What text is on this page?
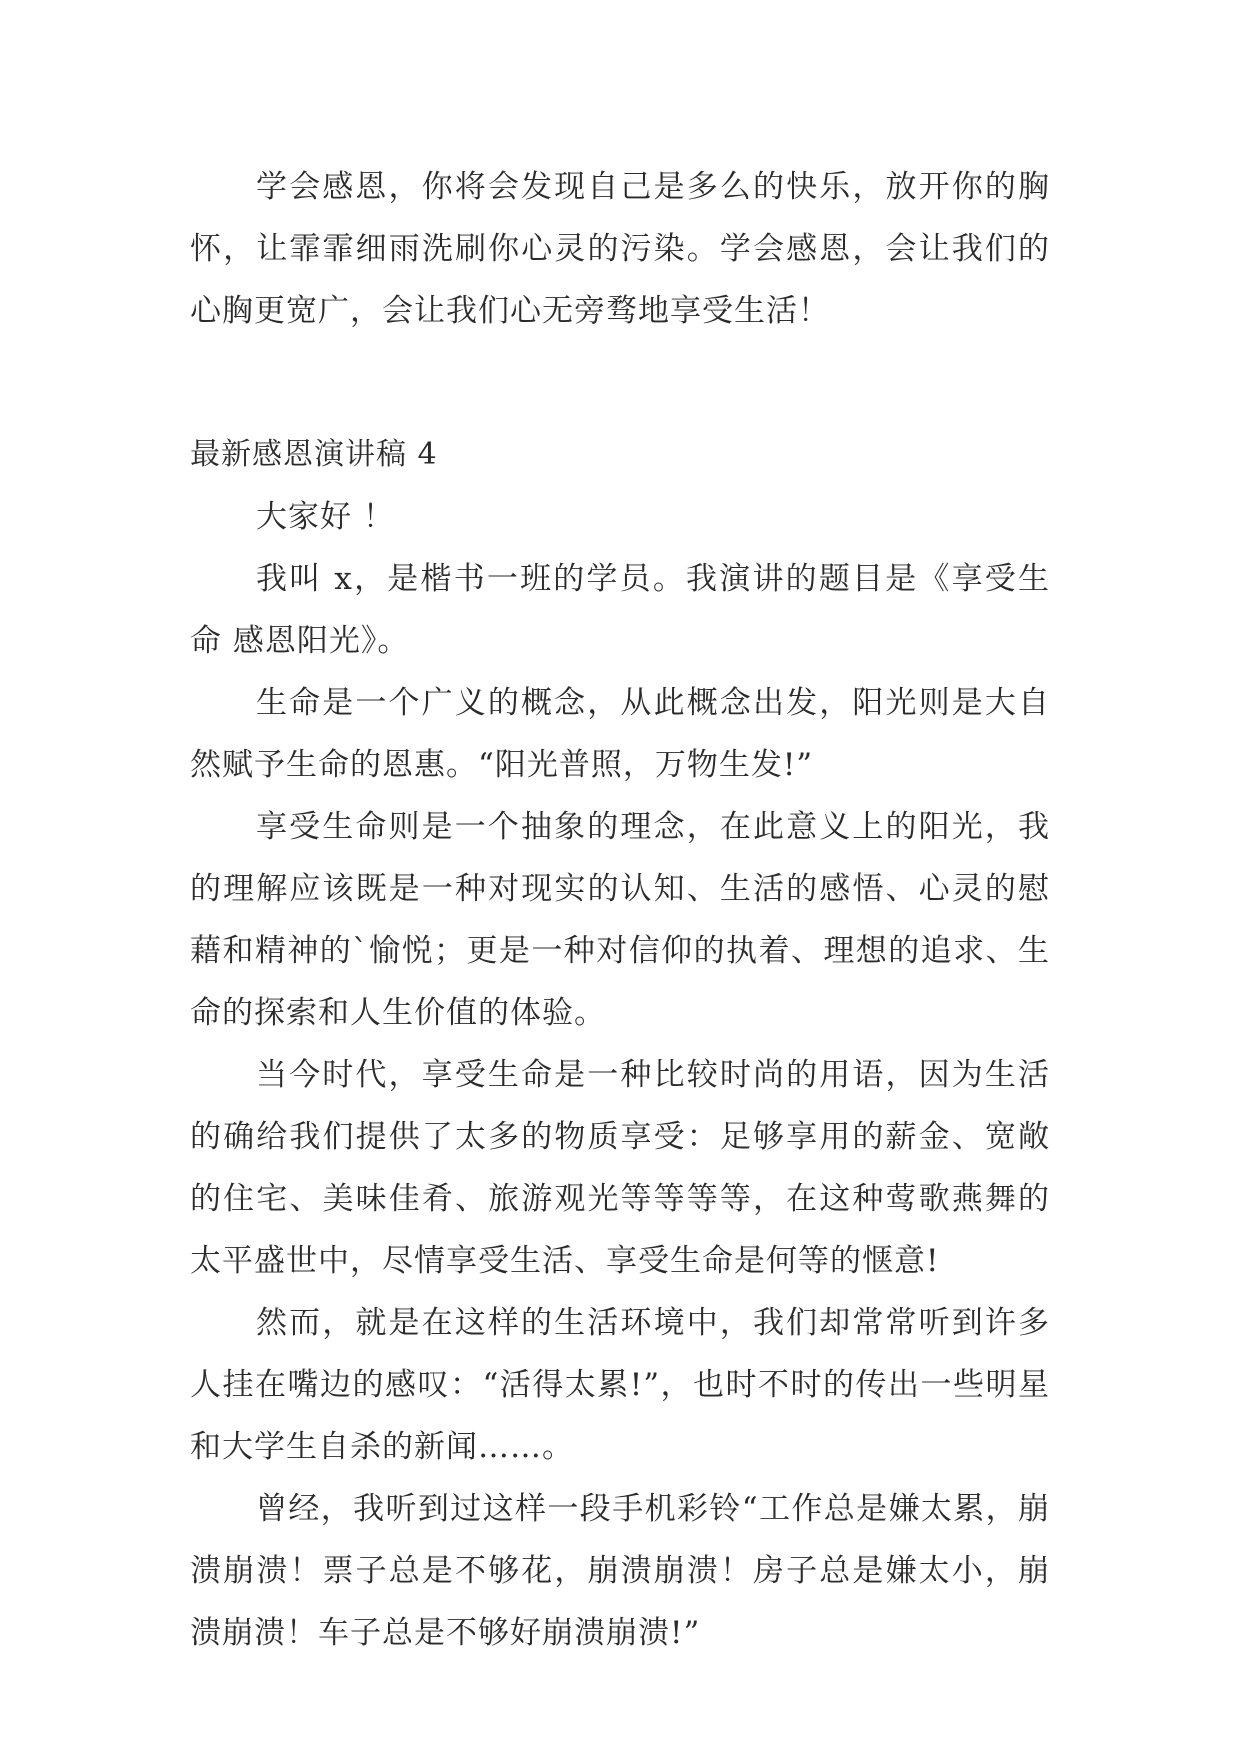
学会感恩，你将会发现自己是多么的快乐，放开你的胸怀，让霏霏细雨洗刷你心灵的污染。学会感恩，会让我们的心胸更宽广，会让我们心无旁骛地享受生活！

最新感恩演讲稿 4

大家好 ！

我叫 x，是楷书一班的学员。我演讲的题目是《享受生命 感恩阳光》。

生命是一个广义的概念，从此概念出发，阳光则是大自然赋予生命的恩惠。“阳光普照，万物生发!”

享受生命则是一个抽象的理念，在此意义上的阳光，我的理解应该既是一种对现实的认知、生活的感悟、心灵的慰藉和精神的`愉悦；更是一种对信仰的执着、理想的追求、生命的探索和人生价值的体验。

当今时代，享受生命是一种比较时尚的用语，因为生活的确给我们提供了太多的物质享受：足够享用的薪金、宽敞的住宅、美味佳肴、旅游观光等等等等，在这种莺歌燕舞的太平盛世中，尽情享受生活、享受生命是何等的惬意!

然而，就是在这样的生活环境中，我们却常常听到许多人挂在嘴边的感叹：“活得太累!”，也时不时的传出一些明星和大学生自杀的新闻……。

曾经，我听到过这样一段手机彩铃“工作总是嫌太累，崩溃崩溃！票子总是不够花，崩溃崩溃！房子总是嫌太小，崩溃崩溃！车子总是不够好崩溃崩溃!”
